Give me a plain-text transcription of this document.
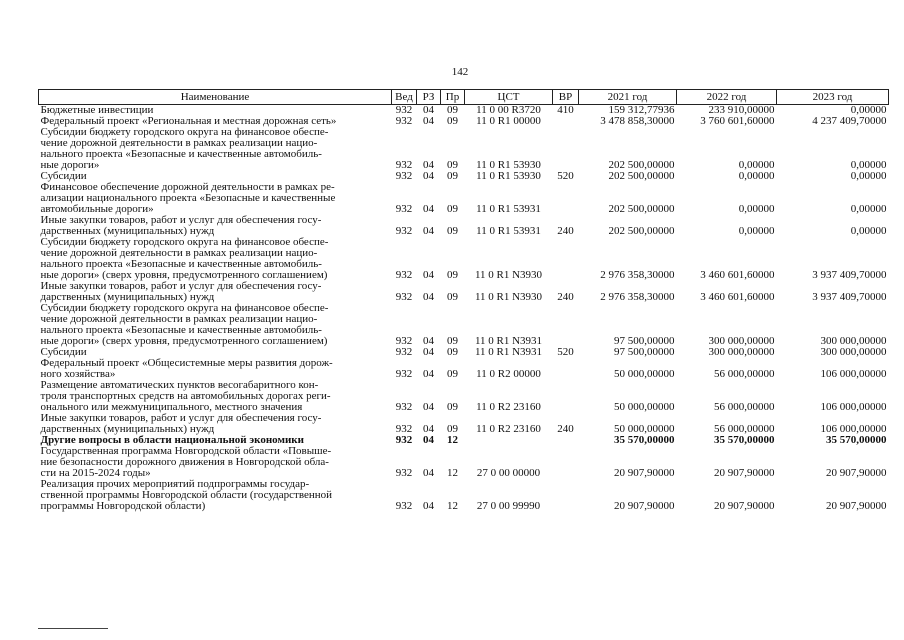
142
Наименование	Вед	РЗ	Пр	ЦСТ	ВР	2021 год	2022 год	2023 год
Бюджетные инвестиции	932	04	09	11 0 00 R3720	410	159 312,77936	233 910,00000	0,00000
Федеральный проект «Региональная и местная дорожная сеть»	932	04	09	11 0 R1 00000		3 478 858,30000	3 760 601,60000	4 237 409,70000
Субсидии бюджету городского округа на финансовое обеспе-
чение дорожной деятельности в рамках реализации нацио-
нального проекта «Безопасные и качественные автомобиль-
ные дороги»	932	04	09	11 0 R1 53930		202 500,00000	0,00000	0,00000
Субсидии	932	04	09	11 0 R1 53930	520	202 500,00000	0,00000	0,00000
Финансовое обеспечение дорожной деятельности в рамках ре-
ализации национального проекта «Безопасные и качественные
автомобильные дороги»	932	04	09	11 0 R1 53931		202 500,00000	0,00000	0,00000
Иные закупки товаров, работ и услуг для обеспечения госу-
дарственных (муниципальных) нужд	932	04	09	11 0 R1 53931	240	202 500,00000	0,00000	0,00000
Субсидии бюджету городского округа на финансовое обеспе-
чение дорожной деятельности в рамках реализации нацио-
нального проекта «Безопасные и качественные автомобиль-
ные дороги» (сверх уровня, предусмотренного соглашением)	932	04	09	11 0 R1 N3930		2 976 358,30000	3 460 601,60000	3 937 409,70000
Иные закупки товаров, работ и услуг для обеспечения госу-
дарственных (муниципальных) нужд	932	04	09	11 0 R1 N3930	240	2 976 358,30000	3 460 601,60000	3 937 409,70000
Субсидии бюджету городского округа на финансовое обеспе-
чение дорожной деятельности в рамках реализации нацио-
нального проекта «Безопасные и качественные автомобиль-
ные дороги» (сверх уровня, предусмотренного соглашением)	932	04	09	11 0 R1 N3931		97 500,00000	300 000,00000	300 000,00000
Субсидии	932	04	09	11 0 R1 N3931	520	97 500,00000	300 000,00000	300 000,00000
Федеральный проект «Общесистемные меры развития дорож-
ного хозяйства»	932	04	09	11 0 R2 00000		50 000,00000	56 000,00000	106 000,00000
Размещение автоматических пунктов весогабаритного кон-
троля транспортных средств на автомобильных дорогах реги-
онального или межмуниципального, местного значения	932	04	09	11 0 R2 23160		50 000,00000	56 000,00000	106 000,00000
Иные закупки товаров, работ и услуг для обеспечения госу-
дарственных (муниципальных) нужд	932	04	09	11 0 R2 23160	240	50 000,00000	56 000,00000	106 000,00000
Другие вопросы в области национальной экономики	932	04	12			35 570,00000	35 570,00000	35 570,00000
Государственная программа Новгородской области «Повыше-
ние безопасности дорожного движения в Новгородской обла-
сти на 2015-2024 годы»	932	04	12	27 0 00 00000		20 907,90000	20 907,90000	20 907,90000
Реализация прочих мероприятий подпрограммы государ-
ственной программы Новгородской области (государственной
программы Новгородской области)	932	04	12	27 0 00 99990		20 907,90000	20 907,90000	20 907,90000
